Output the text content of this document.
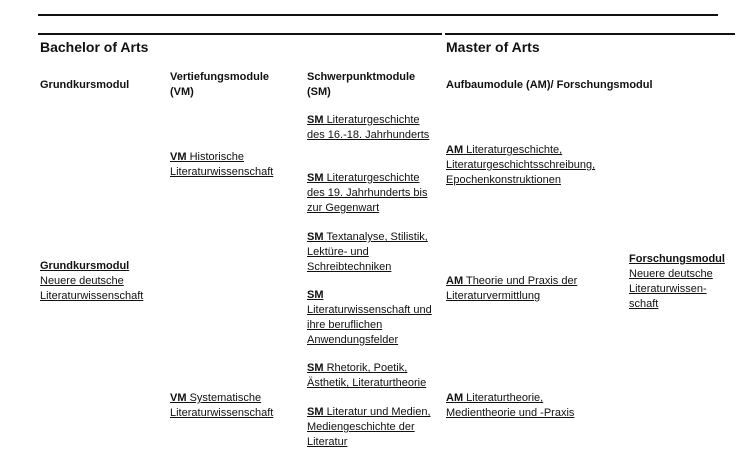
Bachelor of Arts	Master of Arts
Grundkursmodul
Vertiefungsmodule (VM)
Schwerpunktmodule (SM)
Aufbaumodule (AM)/ Forschungsmodul
Grundkursmodul
Neuere deutsche Literaturwissenschaft
VM Historische Literaturwissenschaft
VM Systematische Literaturwissenschaft
SM Literaturgeschichte des 16.-18. Jahrhunderts
SM Literaturgeschichte des 19. Jahrhunderts bis zur Gegenwart
SM Textanalyse, Stilistik, Lektüre- und Schreibtechniken
SM
Literaturwissenschaft und ihre beruflichen Anwendungsfelder
SM Rhetorik, Poetik, Ästhetik, Literaturtheorie
SM Literatur und Medien, Mediengeschichte der Literatur
AM Literaturgeschichte, Literaturgeschichtsschreibung, Epochenkonstruktionen
AM Theorie und Praxis der Literaturvermittlung
AM Literaturtheorie, Medientheorie und -Praxis
Forschungsmodul
Neuere deutsche Literaturwissen-schaft
